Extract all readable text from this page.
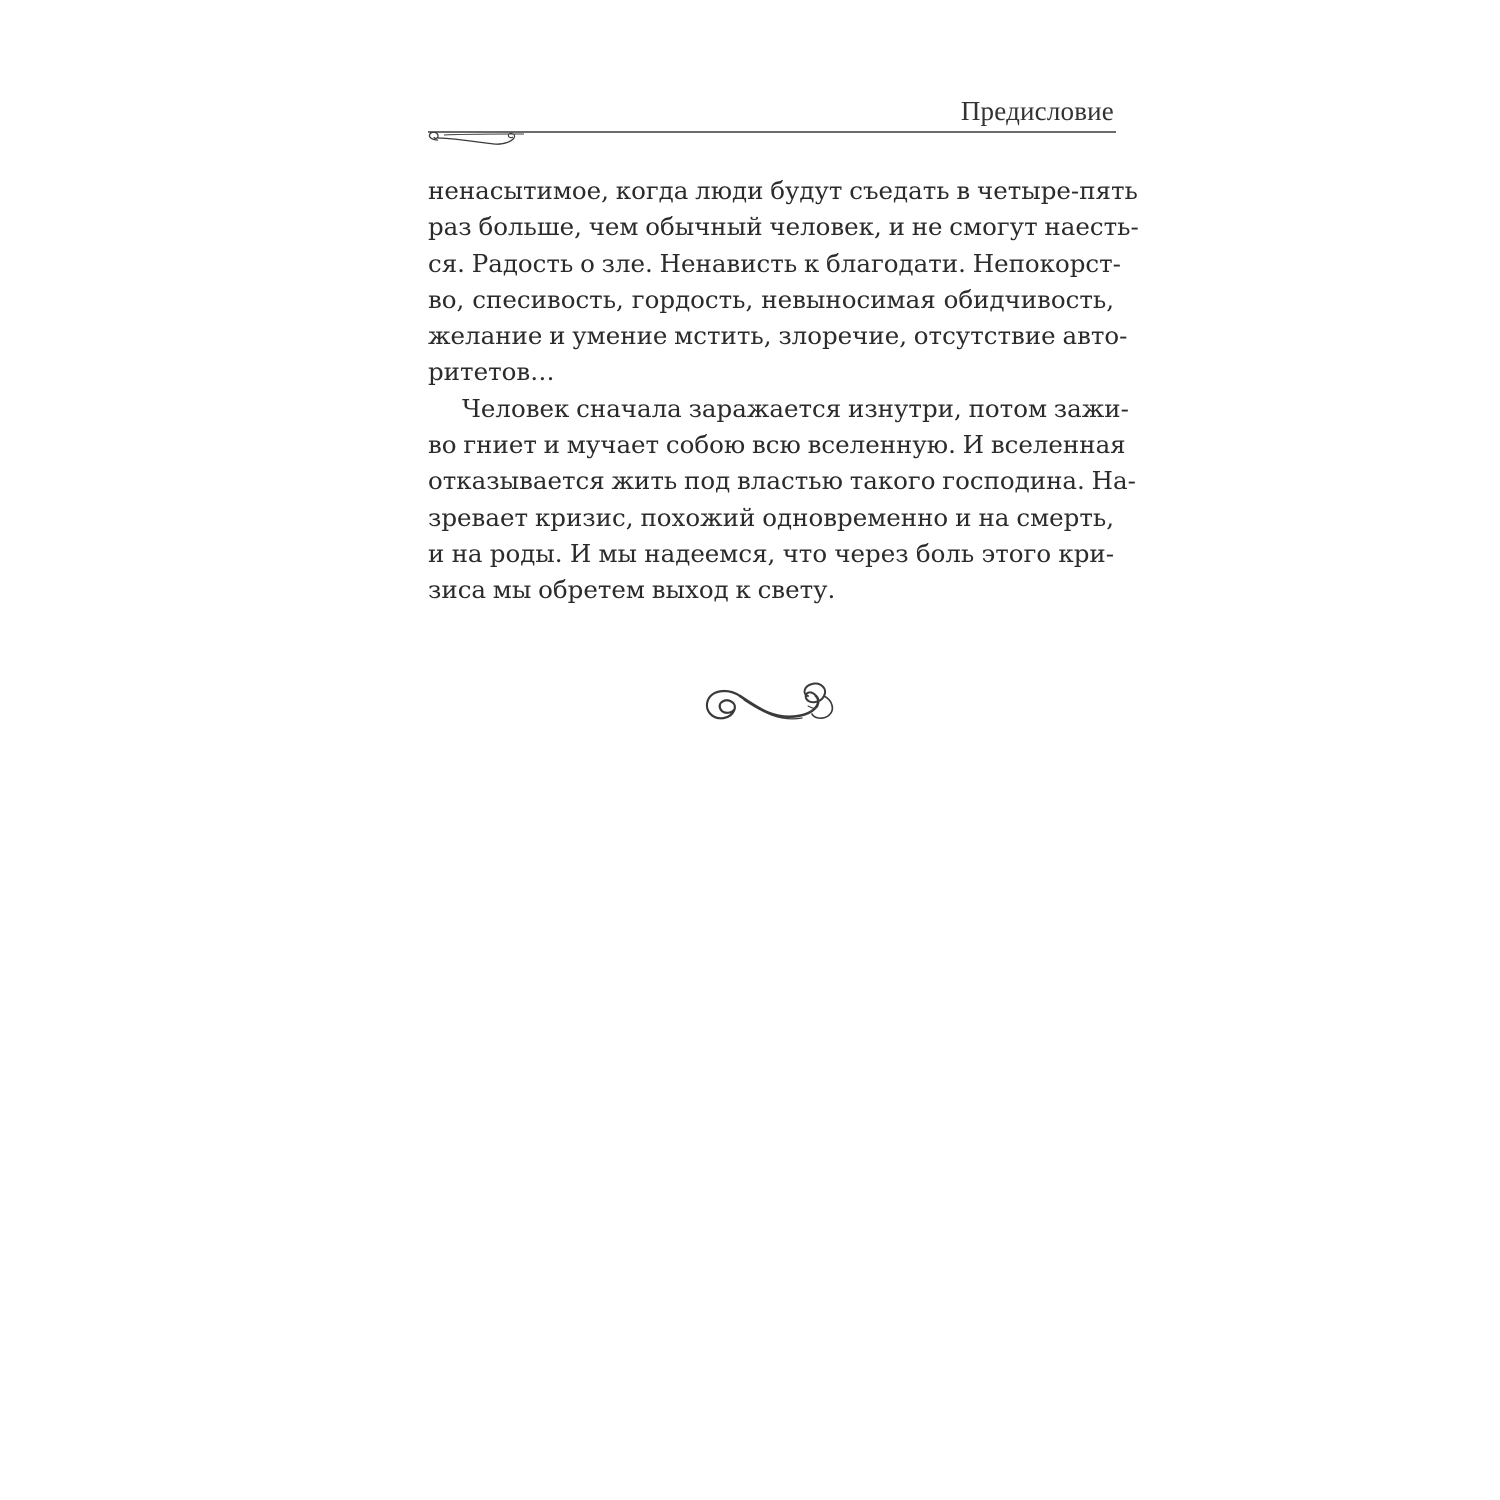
Предисловие
ненасытимое, когда люди будут съедать в четыре-пять
раз больше, чем обычный человек, и не смогут наесть-
ся. Радость о зле. Ненависть к благодати. Непокорст-
во, спесивость, гордость, невыносимая обидчивость,
желание и умение мстить, злоречие, отсутствие авто-
ритетов…
Человек сначала заражается изнутри, потом зажи-
во гниет и мучает собою всю вселенную. И вселенная
отказывается жить под властью такого господина. На-
зревает кризис, похожий одновременно и на смерть,
и на роды. И мы надеемся, что через боль этого кри-
зиса мы обретем выход к свету.
